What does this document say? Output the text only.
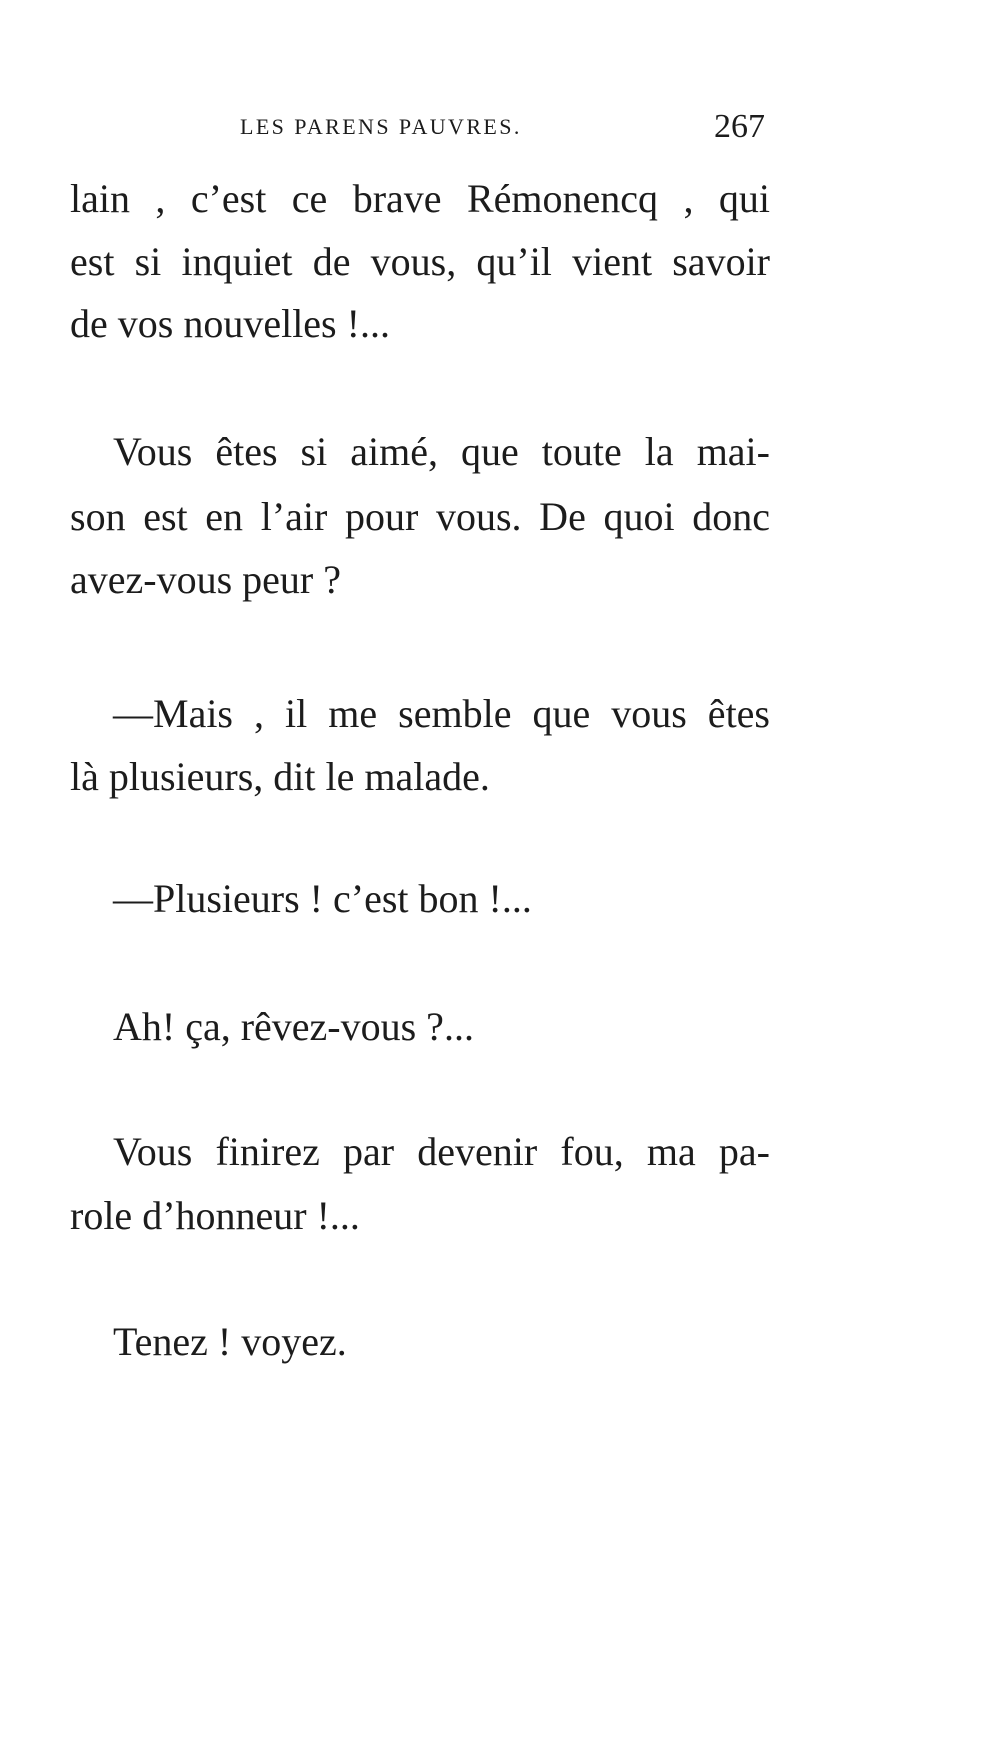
LES PARENS PAUVRES.	267
lain , c’est ce brave Rémonencq , qui
est si inquiet de vous, qu’il vient savoir
de vos nouvelles !...
Vous êtes si aimé, que toute la mai-
son est en l’air pour vous. De quoi donc
avez-vous peur ?
—Mais , il me semble que vous êtes
là plusieurs, dit le malade.
—Plusieurs ! c’est bon !...
Ah! ça, rêvez-vous ?...
Vous finirez par devenir fou, ma pa-
role d’honneur !...
Tenez ! voyez.
